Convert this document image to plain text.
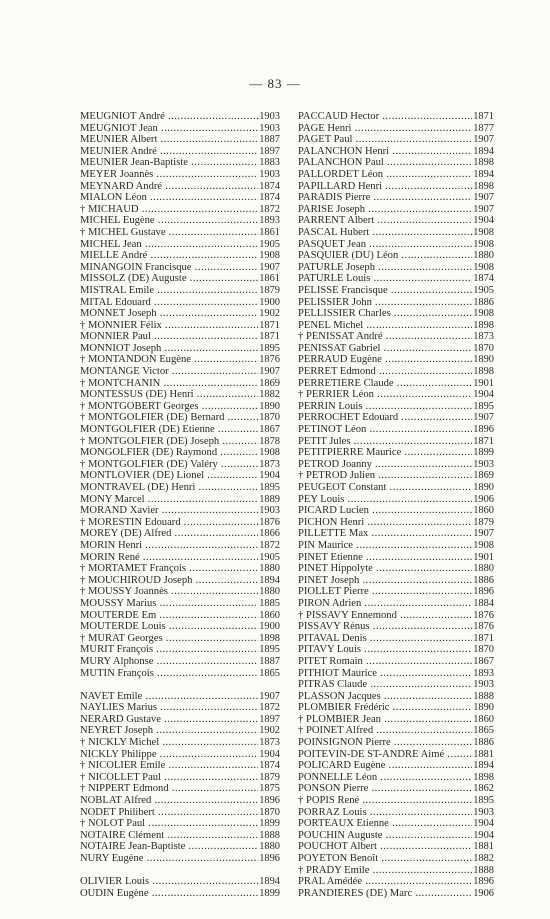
— 83 —
MEUGNIOT André .....	1903
MEUGNIOT Jean .....	1903
MEUNIER Albert .....	1887
MEUNIER André .....	1897
MEUNIER Jean-Baptiste .....	1883
MEYER Joannès .....	1903
MEYNARD André .....	1874
MIALON Léon .....	1874
† MICHAUD .....	1872
MICHEL Eugène .....	1893
† MICHEL Gustave .....	1861
MICHEL Jean .....	1905
MIELLE André .....	1908
MINANGOIN Francisque .....	1907
MISSOLZ (DE) Auguste .....	1861
MISTRAL Emile .....	1879
MITAL Edouard .....	1900
MONNET Joseph .....	1902
† MONNIER Félix .....	1871
MONNIER Paul .....	1871
MONNIOT Joseph .....	1895
† MONTANDON Eugène .....	1876
MONTANGE Victor .....	1907
† MONTCHANIN .....	1869
MONTESSUS (DE) Henri .....	1882
† MONTGOBERT Georges .....	1890
† MONTGOLFIER (DE) Bernard .....	1870
MONTGOLFIER (DE) Etienne .....	1867
† MONTGOLFIER (DE) Joseph .....	1878
MONGOLFIER (DE) Raymond .....	1908
† MONTGOLFIER (DE) Valéry .....	1873
MONTLOVIER (DE) Lionel .....	1904
MONTRAVEL (DE) Henri .....	1895
MONY Marcel .....	1889
MORAND Xavier .....	1903
† MORESTIN Edouard .....	1876
MOREY (DE) Alfred .....	1866
MORIN Henri .....	1872
MORIN René .....	1905
† MORTAMET François .....	1880
† MOUCHIROUD Joseph .....	1894
† MOUSSY Joannès .....	1880
MOUSSY Marius .....	1885
MOUTERDE Em .....	1860
MOUTERDE Louis .....	1900
† MURAT Georges .....	1898
MURIT François .....	1895
MURY Alphonse .....	1887
MUTIN François .....	1865
NAVET Emile .....	1907
NAYLIES Marius .....	1872
NÉRARD Gustave .....	1897
NEYRET Joseph .....	1902
† NICKLY Michel .....	1873
NICKLY Philippe .....	1904
† NICOLIER Emile .....	1874
† NICOLLET Paul .....	1879
† NIPPERT Edmond .....	1875
NOBLAT Alfred .....	1896
NODET Philibert .....	1870
† NOLOT Paul .....	1899
NOTAIRE Clément .....	1888
NOTAIRE Jean-Baptiste .....	1880
NURY Eugène .....	1896
OLIVIER Louis .....	1894
OUDIN Eugène .....	1899
PACCAUD Hector .....	1871
PAGE Henri .....	1877
PAGET Paul .....	1907
PALANCHON Henri .....	1894
PALANCHON Paul .....	1898
PALLORDET Léon .....	1894
PAPILLARD Henri .....	1898
PARADIS Pierre .....	1907
PARISE Joseph .....	1907
PARRENT Albert .....	1904
PASCAL Hubert .....	1908
PASQUET Jean .....	1908
PASQUIER (DU) Léon .....	1880
PATURLE Joseph .....	1908
PATURLE Louis .....	1874
PÉLISSÉ Francisque .....	1905
PELISSIER John .....	1886
PELLISSIER Charles .....	1908
PENEL Michel .....	1898
† PÉNISSAT André .....	1873
PÉNISSAT Gabriel .....	1870
PERRAUD Eugène .....	1890
PERRET Edmond .....	1898
PERRETIÈRE Claude .....	1901
† PERRIER Léon .....	1904
PERRIN Louis .....	1895
PERROCHET Edouard .....	1907
PETINOT Léon .....	1896
PETIT Jules .....	1871
PETITPIERRE Maurice .....	1899
PÉTROD Joanny .....	1903
† PÉTROD Julien .....	1869
PEUGEOT Constant .....	1890
PEY Louis .....	1906
PICARD Lucien .....	1860
PICHON Henri .....	1879
PILLETTE Max .....	1907
PIN Maurice .....	1908
PINET Etienne .....	1901
PINET Hippolyte .....	1880
PINET Joseph .....	1886
PIOLLET Pierre .....	1896
PIRON Adrien .....	1884
† PISSAVY Ennemond .....	1876
PISSAVY Rénus .....	1876
PITAVAL Denis .....	1871
PITAVY Louis .....	1870
PITET Romain .....	1867
PITHIOT Maurice .....	1893
PITRAS Claude .....	1903
PLASSON Jacques .....	1888
PLOMBIER Frédéric .....	1890
† PLOMBIER Jean .....	1860
† POINET Alfred .....	1865
POINSIGNON Pierre .....	1886
POITEVIN-DE ST-ANDRÉ Aimé .....	1881
POLICARD Eugène .....	1894
PONNELLE Léon .....	1898
PONSON Pierre .....	1862
† POPIS René .....	1895
PORRAZ Louis .....	1903
PORTEAUX Etienne .....	1904
POUCHIN Auguste .....	1904
POUCHOT Albert .....	1881
POYETON Benoît .....	1882
† PRADY Emile .....	1888
PRAL Amédée .....	1896
PRANDIÈRES (DE) Marc .....	1906
